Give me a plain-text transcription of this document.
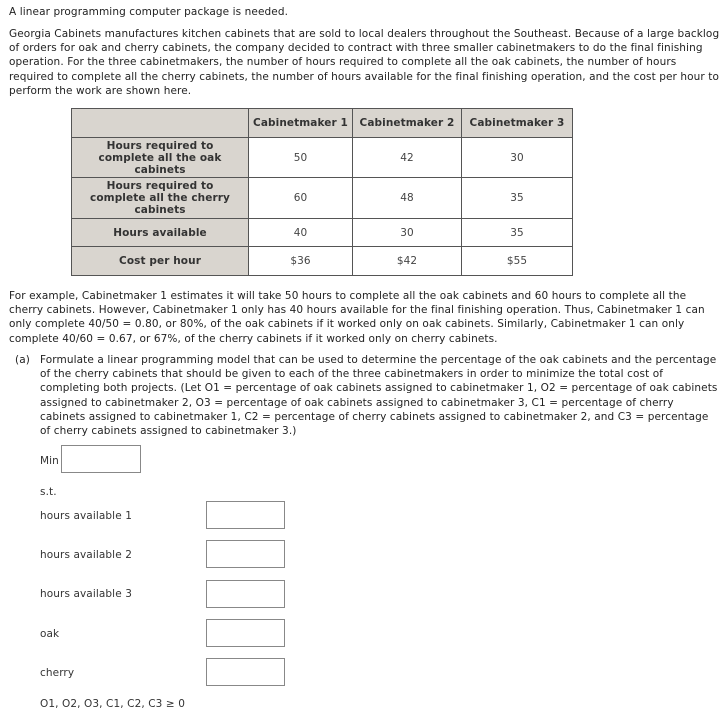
A linear programming computer package is needed.
Georgia Cabinets manufactures kitchen cabinets that are sold to local dealers throughout the Southeast. Because of a large backlog of orders for oak and cherry cabinets, the company decided to contract with three smaller cabinetmakers to do the final finishing operation. For the three cabinetmakers, the number of hours required to complete all the oak cabinets, the number of hours required to complete all the cherry cabinets, the number of hours available for the final finishing operation, and the cost per hour to perform the work are shown here.
	Cabinetmaker 1	Cabinetmaker 2	Cabinetmaker 3

Hours required to complete all the oak cabinets	50	42	30

Hours required to complete all the cherry cabinets	60	48	35
Hours available	40	30	35
Cost per hour	$36	$42	$55
For example, Cabinetmaker 1 estimates it will take 50 hours to complete all the oak cabinets and 60 hours to complete all the cherry cabinets. However, Cabinetmaker 1 only has 40 hours available for the final finishing operation. Thus, Cabinetmaker 1 can only complete 40/50 = 0.80, or 80%, of the oak cabinets if it worked only on oak cabinets. Similarly, Cabinetmaker 1 can only complete 40/60 = 0.67, or 67%, of the cherry cabinets if it worked only on cherry cabinets.
(a) Formulate a linear programming model that can be used to determine the percentage of the oak cabinets and the percentage of the cherry cabinets that should be given to each of the three cabinetmakers in order to minimize the total cost of completing both projects. (Let O1 = percentage of oak cabinets assigned to cabinetmaker 1, O2 = percentage of oak cabinets assigned to cabinetmaker 2, O3 = percentage of oak cabinets assigned to cabinetmaker 3, C1 = percentage of cherry cabinets assigned to cabinetmaker 1, C2 = percentage of cherry cabinets assigned to cabinetmaker 2, and C3 = percentage of cherry cabinets assigned to cabinetmaker 3.)
Min
s.t.
hours available 1
hours available 2
hours available 3
oak
cherry
O1, O2, O3, C1, C2, C3 ≥ 0
